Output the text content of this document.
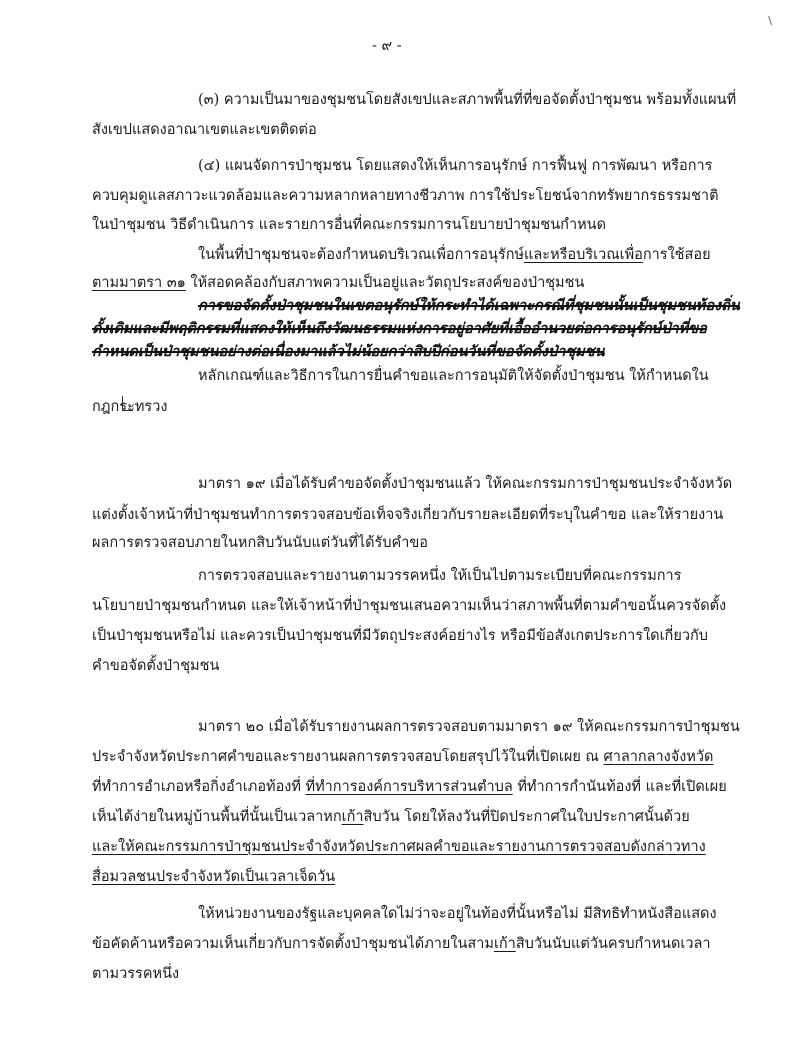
\
- ๙ -
(๓) ความเป็นมาของชุมชนโดยสังเขปและสภาพพื้นที่ที่ขอจัดตั้งป่าชุมชน พร้อมทั้งแผนที่
สังเขปแสดงอาณาเขตและเขตติดต่อ
(๔) แผนจัดการป่าชุมชน โดยแสดงให้เห็นการอนุรักษ์ การฟื้นฟู การพัฒนา หรือการ
ควบคุมดูแลสภาวะแวดล้อมและความหลากหลายทางชีวภาพ การใช้ประโยชน์จากทรัพยากรธรรมชาติ
ในป่าชุมชน วิธีดำเนินการ และรายการอื่นที่คณะกรรมการนโยบายป่าชุมชนกำหนด
ในพื้นที่ป่าชุมชนจะต้องกำหนดบริเวณเพื่อการอนุรักษ์และหรือบริเวณเพื่อการใช้สอย
ตามมาตรา ๓๑ ให้สอดคล้องกับสภาพความเป็นอยู่และวัตถุประสงค์ของป่าชุมชน
การขอจัดตั้งป่าชุมชนในเขตอนุรักษ์ให้กระทำได้เฉพาะกรณีที่ชุมชนนั้นเป็นชุมชนท้องถิ่น
ดั้งเดิมและมีพฤติกรรมที่แสดงให้เห็นถึงวัฒนธรรมแห่งการอยู่อาศัยที่เอื้ออำนวยต่อการอนุรักษ์ป่าที่ขอ
กำหนดเป็นป่าชุมชนอย่างต่อเนื่องมาแล้วไม่น้อยกว่าสิบปีก่อนวันที่ขอจัดตั้งป่าชุมชน
หลักเกณฑ์และวิธีการในการยื่นคำขอและการอนุมัติให้จัดตั้งป่าชุมชน ให้กำหนดใน
กฎกระทรวง
มาตรา ๑๙ เมื่อได้รับคำขอจัดตั้งป่าชุมชนแล้ว ให้คณะกรรมการป่าชุมชนประจำจังหวัด
แต่งตั้งเจ้าหน้าที่ป่าชุมชนทำการตรวจสอบข้อเท็จจริงเกี่ยวกับรายละเอียดที่ระบุในคำขอ และให้รายงาน
ผลการตรวจสอบภายในหกสิบวันนับแต่วันที่ได้รับคำขอ
การตรวจสอบและรายงานตามวรรคหนึ่ง ให้เป็นไปตามระเบียบที่คณะกรรมการ
นโยบายป่าชุมชนกำหนด และให้เจ้าหน้าที่ป่าชุมชนเสนอความเห็นว่าสภาพพื้นที่ตามคำขอนั้นควรจัดตั้ง
เป็นป่าชุมชนหรือไม่ และควรเป็นป่าชุมชนที่มีวัตถุประสงค์อย่างไร หรือมีข้อสังเกตประการใดเกี่ยวกับ
คำขอจัดตั้งป่าชุมชน
มาตรา ๒๐ เมื่อได้รับรายงานผลการตรวจสอบตามมาตรา ๑๙ ให้คณะกรรมการป่าชุมชน
ประจำจังหวัดประกาศคำขอและรายงานผลการตรวจสอบโดยสรุปไว้ในที่เปิดเผย ณ ศาลากลางจังหวัด
ที่ทำการอำเภอหรือกิ่งอำเภอท้องที่ ที่ทำการองค์การบริหารส่วนตำบล ที่ทำการกำนันท้องที่ และที่เปิดเผย
เห็นได้ง่ายในหมู่บ้านพื้นที่นั้นเป็นเวลาหกเก้าสิบวัน โดยให้ลงวันที่ปิดประกาศในใบประกาศนั้นด้วย
และให้คณะกรรมการป่าชุมชนประจำจังหวัดประกาศผลคำขอและรายงานการตรวจสอบดังกล่าวทาง
สื่อมวลชนประจำจังหวัดเป็นเวลาเจ็ดวัน
ให้หน่วยงานของรัฐและบุคคลใดไม่ว่าจะอยู่ในท้องที่นั้นหรือไม่ มีสิทธิทำหนังสือแสดง
ข้อคัดค้านหรือความเห็นเกี่ยวกับการจัดตั้งป่าชุมชนได้ภายในสามเก้าสิบวันนับแต่วันครบกำหนดเวลา
ตามวรรคหนึ่ง
